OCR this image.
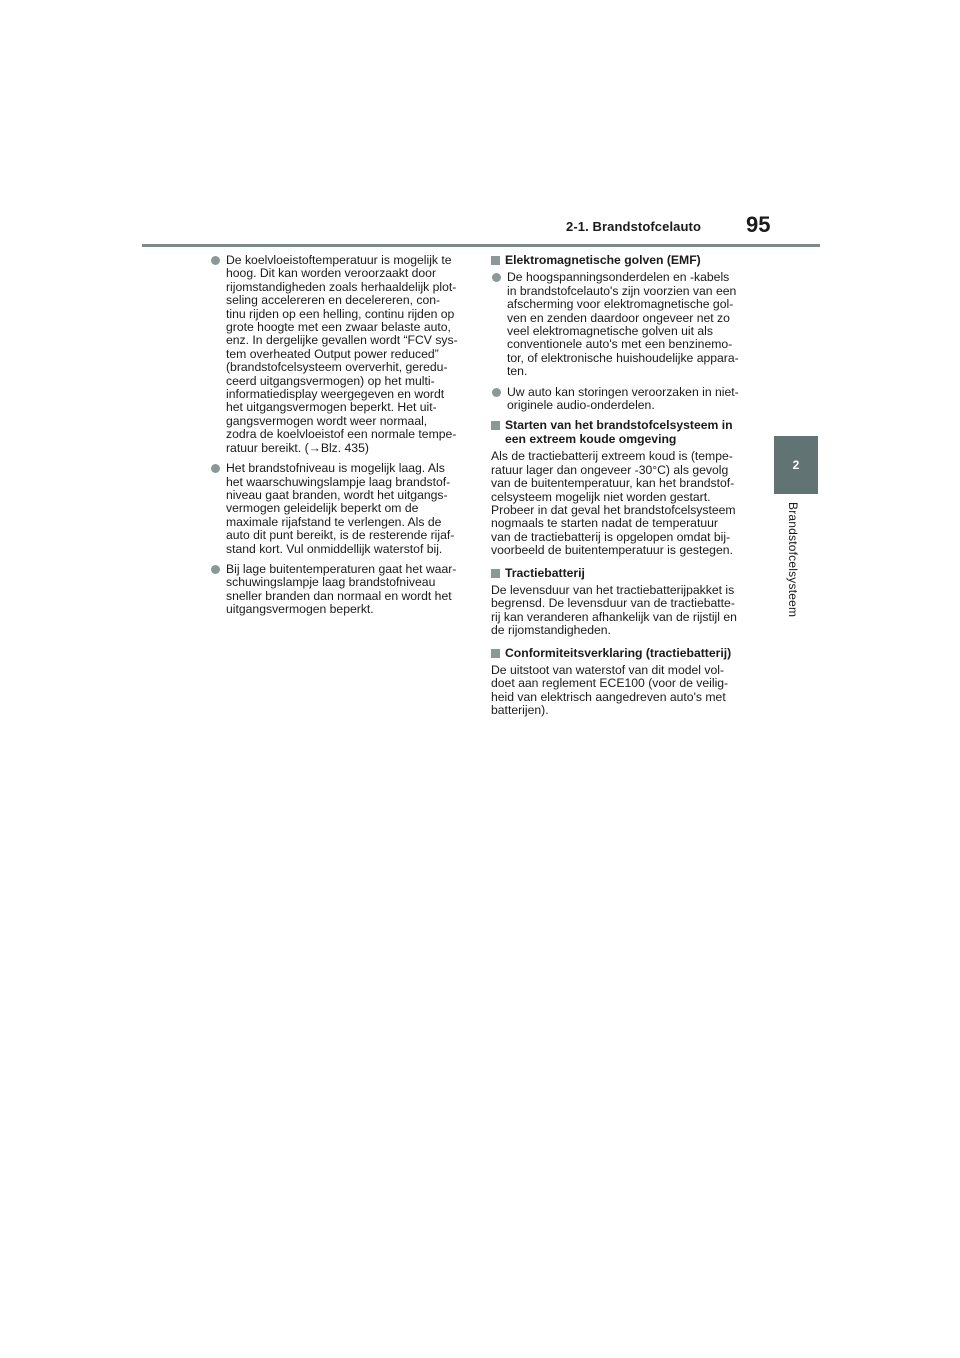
2-1. Brandstofcelauto 95
2
Brandstofcelsysteem
De koelvloeistoftemperatuur is mogelijk te
hoog. Dit kan worden veroorzaakt door
rijomstandigheden zoals herhaaldelijk plot-
seling accelereren en decelereren, con-
tinu rijden op een helling, continu rijden op
grote hoogte met een zwaar belaste auto,
enz. In dergelijke gevallen wordt “FCV sys-
tem overheated Output power reduced”
(brandstofcelsysteem oververhit, geredu-
ceerd uitgangsvermogen) op het multi-
informatiedisplay weergegeven en wordt
het uitgangsvermogen beperkt. Het uit-
gangsvermogen wordt weer normaal,
zodra de koelvloeistof een normale tempe-
ratuur bereikt. (→Blz. 435)
Het brandstofniveau is mogelijk laag. Als
het waarschuwingslampje laag brandstof-
niveau gaat branden, wordt het uitgangs-
vermogen geleidelijk beperkt om de
maximale rijafstand te verlengen. Als de
auto dit punt bereikt, is de resterende rijaf-
stand kort. Vul onmiddellijk waterstof bij.
Bij lage buitentemperaturen gaat het waar-
schuwingslampje laag brandstofniveau
sneller branden dan normaal en wordt het
uitgangsvermogen beperkt.
Elektromagnetische golven (EMF)
De hoogspanningsonderdelen en -kabels
in brandstofcelauto's zijn voorzien van een
afscherming voor elektromagnetische gol-
ven en zenden daardoor ongeveer net zo
veel elektromagnetische golven uit als
conventionele auto's met een benzinemo-
tor, of elektronische huishoudelijke appara-
ten.
Uw auto kan storingen veroorzaken in niet-
originele audio-onderdelen.
Starten van het brandstofcelsysteem in
een extreem koude omgeving
Als de tractiebatterij extreem koud is (tempe-
ratuur lager dan ongeveer -30°C) als gevolg
van de buitentemperatuur, kan het brandstof-
celsysteem mogelijk niet worden gestart.
Probeer in dat geval het brandstofcelsysteem
nogmaals te starten nadat de temperatuur
van de tractiebatterij is opgelopen omdat bij-
voorbeeld de buitentemperatuur is gestegen.
Tractiebatterij
De levensduur van het tractiebatterijpakket is
begrensd. De levensduur van de tractiebatte-
rij kan veranderen afhankelijk van de rijstijl en
de rijomstandigheden.
Conformiteitsverklaring (tractiebatterij)
De uitstoot van waterstof van dit model vol-
doet aan reglement ECE100 (voor de veilig-
heid van elektrisch aangedreven auto's met
batterijen).
